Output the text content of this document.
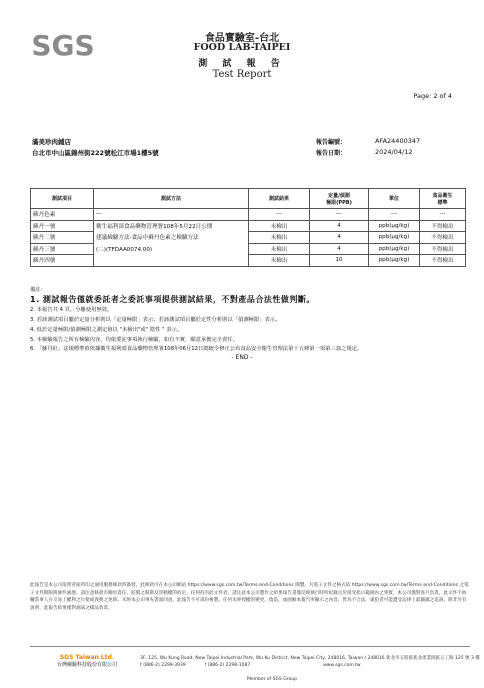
SGS	食品實驗室-台北
FOOD LAB-TAIPEI
測 試 報 告
Test Report
Page: 2 of 4
滿美珍肉鋪店
台北市中山區錦州街222號松江市場1樓5號
報告編號：	AFA24400347
報告日期：	2024/04/12
測試項目	測試方法	測試結果	定量/偵測
極限(PPB)	單位	食品衛生
標準
蘇丹色素	---	---	---	---	---
蘇丹一號	衛生福利部食品藥物管理署108年5月22日公開	未檢出	4	ppb(μg/kg)	不得檢出
蘇丹二號	建議檢驗方法-食品中蘇丹色素之檢驗方法	未檢出	4	ppb(μg/kg)	不得檢出
蘇丹三號	(二)(TFDAA0074.00)	未檢出	4	ppb(μg/kg)	不得檢出
蘇丹四號		未檢出	10	ppb(μg/kg)	不得檢出
備註：
1. 測試報告僅就委託者之委託事項提供測試結果，不對產品合法性做判斷。
2. 本報告共 4 頁，分離使用無效。
3. 若該測試項目屬於定量分析則以「定量極限」表示；若該測試項目屬於定性分析則以「偵測極限」表示。
4. 低於定量極限/偵測極限之測定值以 "未檢出"或" 陰性 " 表示。
5. 本檢驗報告之所有檢驗內容，均依委託事項執行檢驗，如有不實，願意承擔完全責任。
6. 「蘇丹紅」法規標準值依據衛生福利部食品藥物管理署108年06月12日總統令修正公布食品安全衛生管理法第十五條第一項第三款之規定。
- END -
此報告是本公司依照背面所印之通用服務條款所簽發，此條款可在本公司網站 https://www.sgs.com.tw/Terms-and-Conditions 閱覽，凡電子文件之格式依 https://www.sgs.com.tw/Terms-and-Conditions 之電子文件期限與條件處理。請注意條款有關於責任、賠償之限制及管轄權的約定。任何持有此文件者，請注意本公司製作之結果報告書僅反映執行時所紀錄且於接受指示範圍內之事實。本公司僅對客戶負責，此文件不妨礙當事人在交易上權利之行使或義務之免除。未經本公司事先書面同意，此報告不可部份複製。任何未經授權的變更、偽造、或曲解本報告所顯示之內容，皆為不合法，違犯者可能遭受法律上最嚴厲之追訴。除非另有說明，此報告結果僅對測試之樣品負責。
SGS Taiwan Ltd.
台灣檢驗科技股份有限公司
3F, 125, Wu Kung Road, New Taipei Industrial Park, Wu Ku District, New Taipei City, 248016, Taiwan / 248016 新北市五股區新北產業園區五工路 125 號 3 樓
t (886-2) 2299-3939	f (886-2) 2298-1087	www.sgs.com.tw
Member of SGS Group
